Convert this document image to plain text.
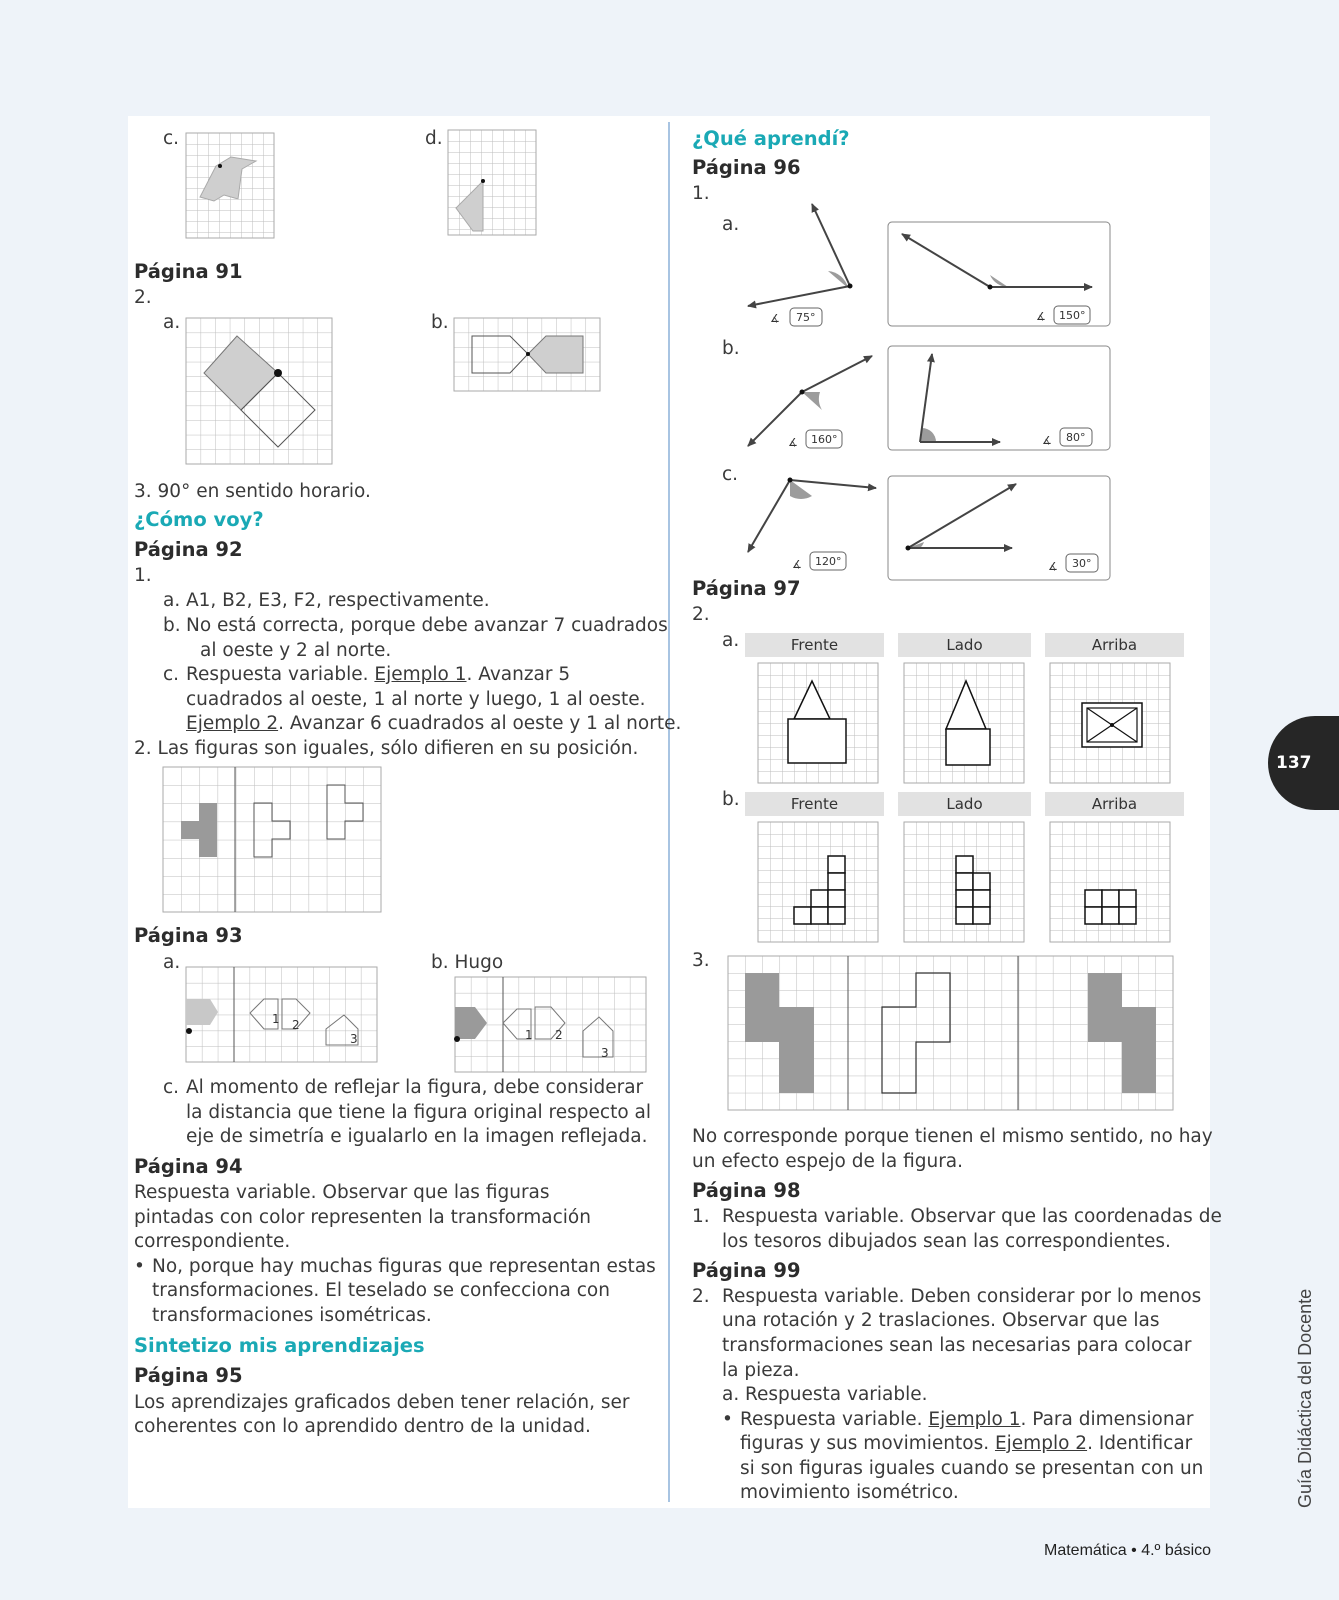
c.	d.
Página 91
2.
a.	b.
3. 90° en sentido horario.
¿Cómo voy?
Página 92
1.
a. A1, B2, E3, F2, respectivamente.
b. No está correcta, porque debe avanzar 7 cuadrados
al oeste y 2 al norte.
c. Respuesta variable. Ejemplo 1. Avanzar 5
cuadrados al oeste, 1 al norte y luego, 1 al oeste.
Ejemplo 2. Avanzar 6 cuadrados al oeste y 1 al norte.
2. Las figuras son iguales, sólo difieren en su posición.
Página 93
a.	b. Hugo
1 2
3	1 2
3
c. Al momento de reflejar la figura, debe considerar
la distancia que tiene la figura original respecto al
eje de simetría e igualarlo en la imagen reflejada.
Página 94
Respuesta variable. Observar que las figuras
pintadas con color representen la transformación
correspondiente.
• No, porque hay muchas figuras que representan estas
transformaciones. El teselado se confecciona con
transformaciones isométricas.
Sintetizo mis aprendizajes
Página 95
Los aprendizajes graficados deben tener relación, ser
coherentes con lo aprendido dentro de la unidad.
¿Qué aprendí?
Página 96
1.
a.
b.
c.
∡ 75°	∡ 150°
∡ 160°	∡ 80°
∡ 120°	∡ 30°
Página 97
2.
a.	Frente	Lado	Arriba
b.	Frente	Lado	Arriba
3.
No corresponde porque tienen el mismo sentido, no hay
un efecto espejo de la figura.
Página 98
1. Respuesta variable. Observar que las coordenadas de
los tesoros dibujados sean las correspondientes.
Página 99
2. Respuesta variable. Deben considerar por lo menos
una rotación y 2 traslaciones. Observar que las
transformaciones sean las necesarias para colocar
la pieza.
a. Respuesta variable.
• Respuesta variable. Ejemplo 1. Para dimensionar
figuras y sus movimientos. Ejemplo 2. Identificar
si son figuras iguales cuando se presentan con un
movimiento isométrico.
137
Guía Didáctica del Docente
Matemática • 4.º básico
